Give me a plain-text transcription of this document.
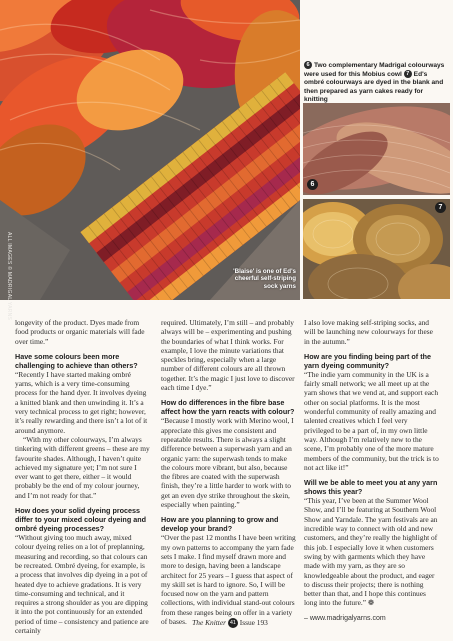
ALL IMAGES © MADRIGAL YARNS	'Blaise' is one of Ed's cheerful self-striping sock yarns
6 Two complementary Madrigal colourways were used for this Mobius cowl 7 Ed's ombré colourways are dyed in the blank and then prepared as yarn cakes ready for knitting
6
7

longevity of the product. Dyes made from food products or organic materials will fade over time.”

Have some colours been more challenging to achieve than others?

“Recently I have started making ombré yarns, which is a very time-consuming process for the hand dyer. It involves dyeing a knitted blank and then unwinding it. It’s a very technical process to get right; however, it’s really rewarding and there isn’t a lot of it around anymore.

“With my other colourways, I’m always tinkering with different greens – these are my favourite shades. Although, I haven’t quite achieved my signature yet; I’m not sure I ever want to get there, either – it would probably be the end of my colour journey, and I’m not ready for that.”

How does your solid dyeing process differ to your mixed colour dyeing and ombré dyeing processes?

“Without giving too much away, mixed colour dyeing relies on a lot of preplanning, measuring and recording, so that colours can be recreated. Ombré dyeing, for example, is a process that involves dip dyeing in a pot of heated dye to achieve gradations. It is very time-consuming and technical, and it requires a strong shoulder as you are dipping it into the pot continuously for an extended period of time – consistency and patience are certainly

required. Ultimately, I’m still – and probably always will be – experimenting and pushing the boundaries of what I think works. For example, I love the minute variations that speckles bring, especially when a large number of different colours are all thrown together. It’s the magic I just love to discover each time I dye.”

How do differences in the fibre base affect how the yarn reacts with colour?

“Because I mostly work with Merino wool, I appreciate this gives me consistent and repeatable results. There is always a slight difference between a superwash yarn and an organic yarn: the superwash tends to make the colours more vibrant, but also, because the fibres are coated with the superwash finish, they’re a little harder to work with to get an even dye strike throughout the skein, especially when painting.”

How are you planning to grow and develop your brand?

“Over the past 12 months I have been writing my own patterns to accompany the yarn fade sets I make. I find myself drawn more and more to design, having been a landscape architect for 25 years – I guess that aspect of my skill set is hard to ignore. So, I will be focused now on the yarn and pattern collections, with individual stand-out colours from these ranges being on offer in a variety of bases.

I also love making self-striping socks, and will be launching new colourways for these in the autumn.”

How are you finding being part of the yarn dyeing community?

“The indie yarn community in the UK is a fairly small network; we all meet up at the yarn shows that we vend at, and support each other on social platforms. It is the most wonderful community of really amazing and talented creatives which I feel very privileged to be a part of, in my own little way. Although I’m relatively new to the scene, I’m probably one of the more mature members of the community, but the trick is to not act like it!”

Will we be able to meet you at any yarn shows this year?

“This year, I’ve been at the Summer Wool Show, and I’ll be featuring at Southern Wool Show and Yarndale. The yarn festivals are an incredible way to connect with old and new customers, and they’re really the highlight of this job. I especially love it when customers swing by with garments which they have made with my yarn, as they are so knowledgeable about the product, and eager to discuss their projects; there is nothing better than that, and I hope this continues long into the future.” ❁

– www.madrigalyarns.com

The Knitter 41 Issue 193
